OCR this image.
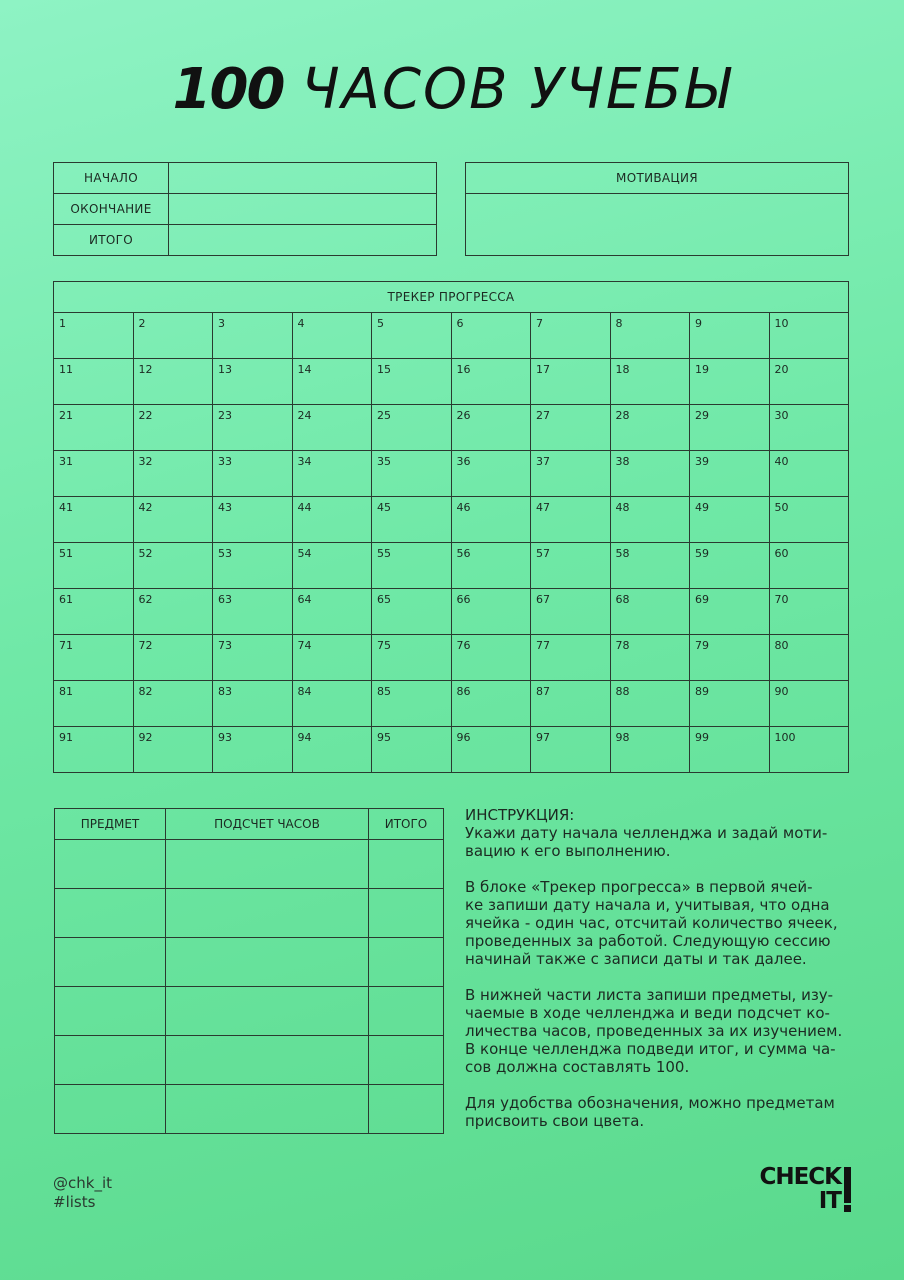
100 ЧАСОВ УЧЕБЫ
НАЧАЛО	
ОКОНЧАНИЕ	
ИТОГО	
МОТИВАЦИЯ

ТРЕКЕР ПРОГРЕССА									
1	2	3	4	5	6	7	8	9	10
11	12	13	14	15	16	17	18	19	20
21	22	23	24	25	26	27	28	29	30
31	32	33	34	35	36	37	38	39	40
41	42	43	44	45	46	47	48	49	50
51	52	53	54	55	56	57	58	59	60
61	62	63	64	65	66	67	68	69	70
71	72	73	74	75	76	77	78	79	80
81	82	83	84	85	86	87	88	89	90
91	92	93	94	95	96	97	98	99	100
ПРЕДМЕТ	ПОДСЧЕТ ЧАСОВ	ИТОГО

			ИНСТРУКЦИЯ:

Укажи дату начала челленджа и задай моти-
вацию к его выполнению.

В блоке «Трекер прогресса» в первой ячей-
ке запиши дату начала и, учитывая, что одна
ячейка - один час, отсчитай количество ячеек,
проведенных за работой. Следующую сессию
начинай также с записи даты и так далее.

В нижней части листа запиши предметы, изу-
чаемые в ходе челленджа и веди подсчет ко-
личества часов, проведенных за их изучением.
В конце челленджа подведи итог, и сумма ча-
сов должна составлять 100.

Для удобства обозначения, можно предметам
присвоить свои цвета.

@chk_it
#lists
CHECK
IT
